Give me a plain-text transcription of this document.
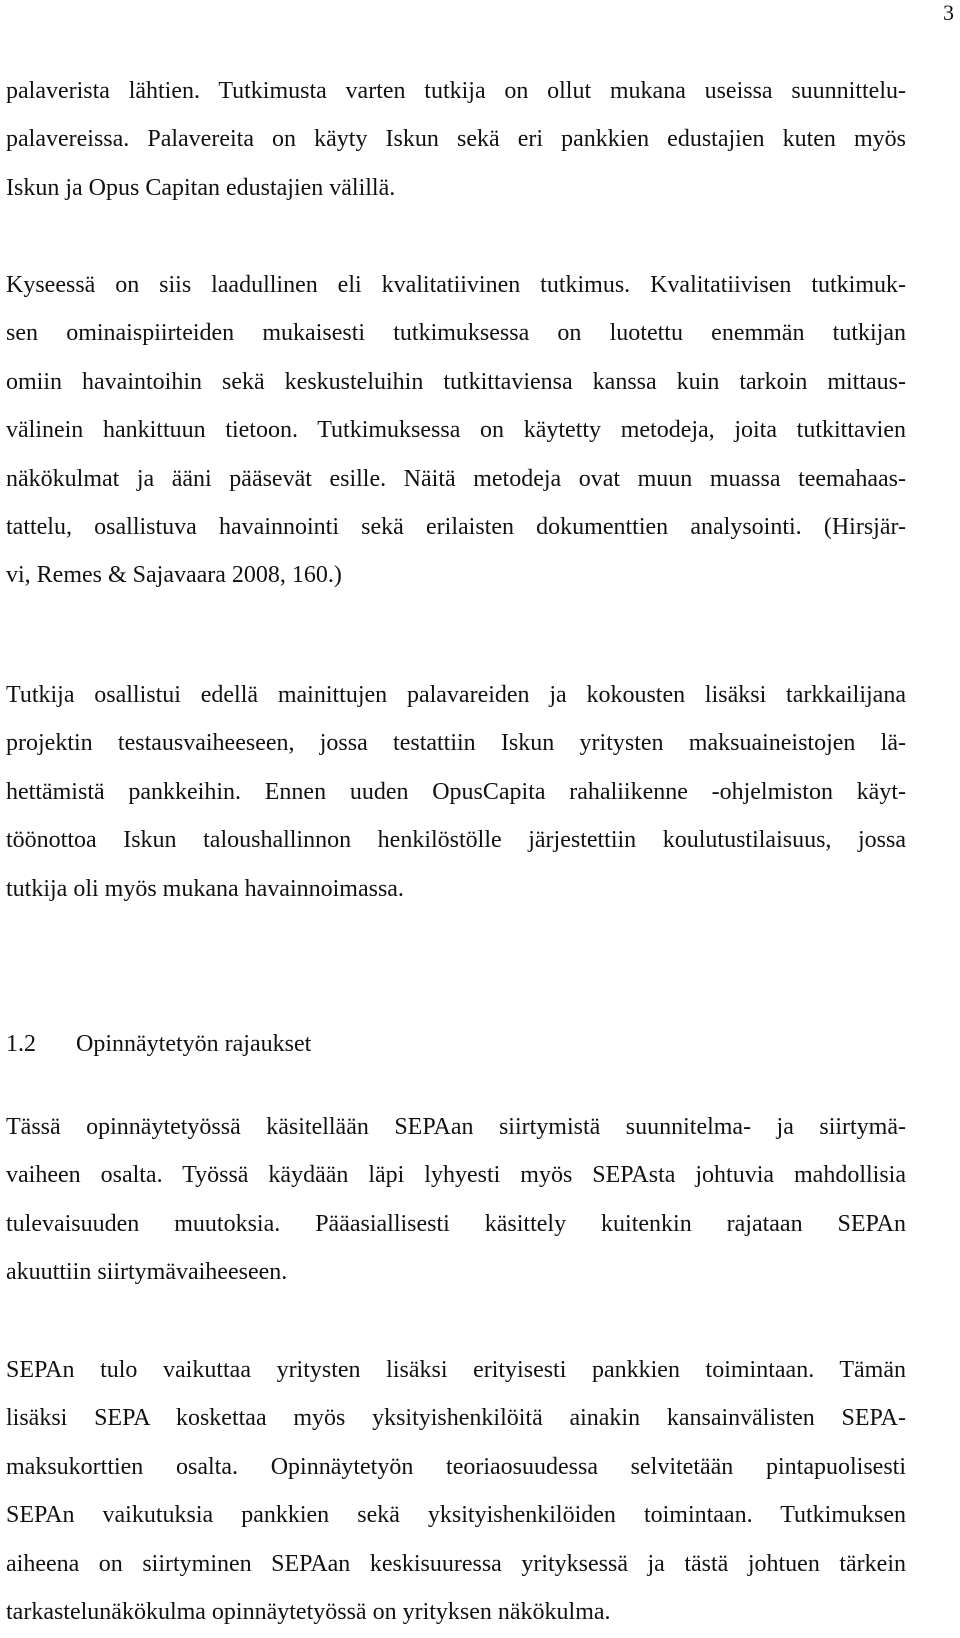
3
palaverista lähtien. Tutkimusta varten tutkija on ollut mukana useissa suunnittelu-
palavereissa. Palavereita on käyty Iskun sekä eri pankkien edustajien kuten myös
Iskun ja Opus Capitan edustajien välillä.
Kyseessä on siis laadullinen eli kvalitatiivinen tutkimus. Kvalitatiivisen tutkimuk-
sen ominaispiirteiden mukaisesti tutkimuksessa on luotettu enemmän tutkijan
omiin havaintoihin sekä keskusteluihin tutkittaviensa kanssa kuin tarkoin mittaus-
välinein hankittuun tietoon. Tutkimuksessa on käytetty metodeja, joita tutkittavien
näkökulmat ja ääni pääsevät esille. Näitä metodeja ovat muun muassa teemahaas-
tattelu, osallistuva havainnointi sekä erilaisten dokumenttien analysointi. (Hirsjär-
vi, Remes & Sajavaara 2008, 160.)
Tutkija osallistui edellä mainittujen palavareiden ja kokousten lisäksi tarkkailijana
projektin testausvaiheeseen, jossa testattiin Iskun yritysten maksuaineistojen lä-
hettämistä pankkeihin. Ennen uuden OpusCapita rahaliikenne -ohjelmiston käyt-
töönottoa Iskun taloushallinnon henkilöstölle järjestettiin koulutustilaisuus, jossa
tutkija oli myös mukana havainnoimassa.
1.2 Opinnäytetyön rajaukset
Tässä opinnäytetyössä käsitellään SEPAan siirtymistä suunnitelma- ja siirtymä-
vaiheen osalta. Työssä käydään läpi lyhyesti myös SEPAsta johtuvia mahdollisia
tulevaisuuden muutoksia. Pääasiallisesti käsittely kuitenkin rajataan SEPAn
akuuttiin siirtymävaiheeseen.
SEPAn tulo vaikuttaa yritysten lisäksi erityisesti pankkien toimintaan. Tämän
lisäksi SEPA koskettaa myös yksityishenkilöitä ainakin kansainvälisten SEPA-
maksukorttien osalta. Opinnäytetyön teoriaosuudessa selvitetään pintapuolisesti
SEPAn vaikutuksia pankkien sekä yksityishenkilöiden toimintaan. Tutkimuksen
aiheena on siirtyminen SEPAan keskisuuressa yrityksessä ja tästä johtuen tärkein
tarkastelunäkökulma opinnäytetyössä on yrityksen näkökulma.
